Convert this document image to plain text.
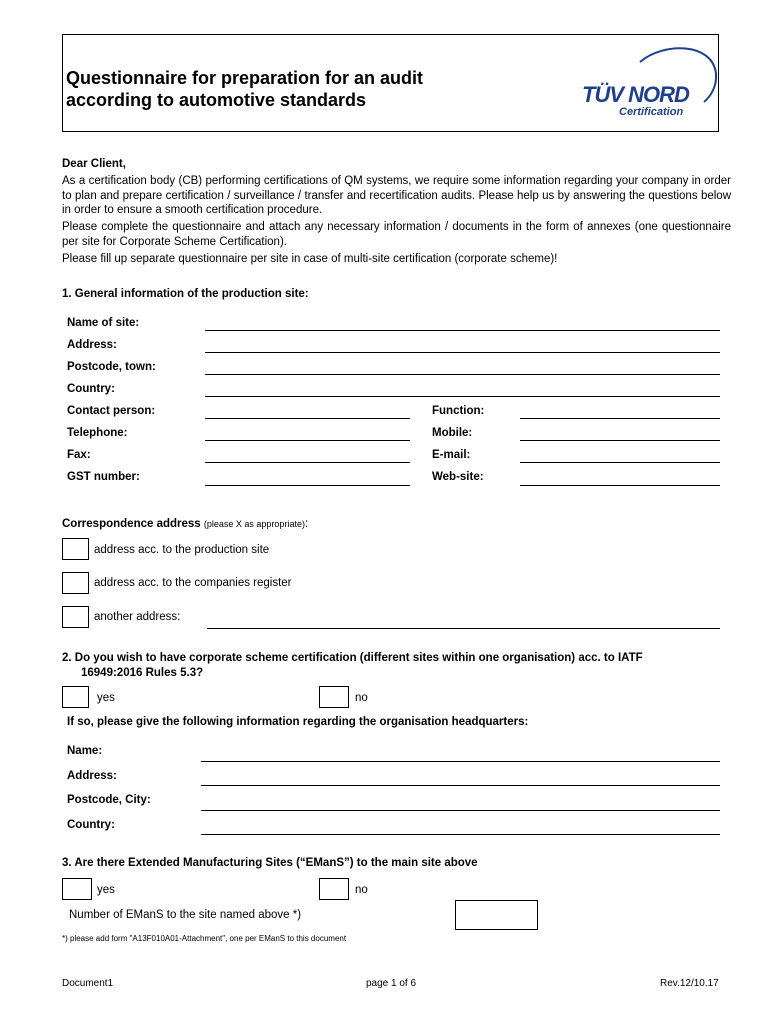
Questionnaire for preparation for an audit
according to automotive standards	TÜV NORD
Certification
Dear Client,
As a certification body (CB) performing certifications of QM systems, we require some information regarding your company in order to plan and prepare certification / surveillance / transfer and recertification audits. Please help us by answering the questions below in order to ensure a smooth certification procedure.
Please complete the questionnaire and attach any necessary information / documents in the form of annexes (one questionnaire per site for Corporate Scheme Certification).
Please fill up separate questionnaire per site in case of multi-site certification (corporate scheme)!
1. General information of the production site:
Name of site:
Address:
Postcode, town:
Country:
Contact person:	Function:
Telephone:	Mobile:
Fax:	E-mail:
GST number:	Web-site:
Correspondence address (please X as appropriate):
address acc. to the production site
address acc. to the companies register
another address:
2. Do you wish to have corporate scheme certification (different sites within one organisation) acc. to IATF
16949:2016 Rules 5.3?
yes	no
If so, please give the following information regarding the organisation headquarters:
Name:
Address:
Postcode, City:
Country:
3. Are there Extended Manufacturing Sites (“EManS”) to the main site above
yes	no
Number of EManS to the site named above *)
*) please add form "A13F010A01-Attachment", one per EManS to this document
Document1	page 1 of 6	Rev.12/10.17
